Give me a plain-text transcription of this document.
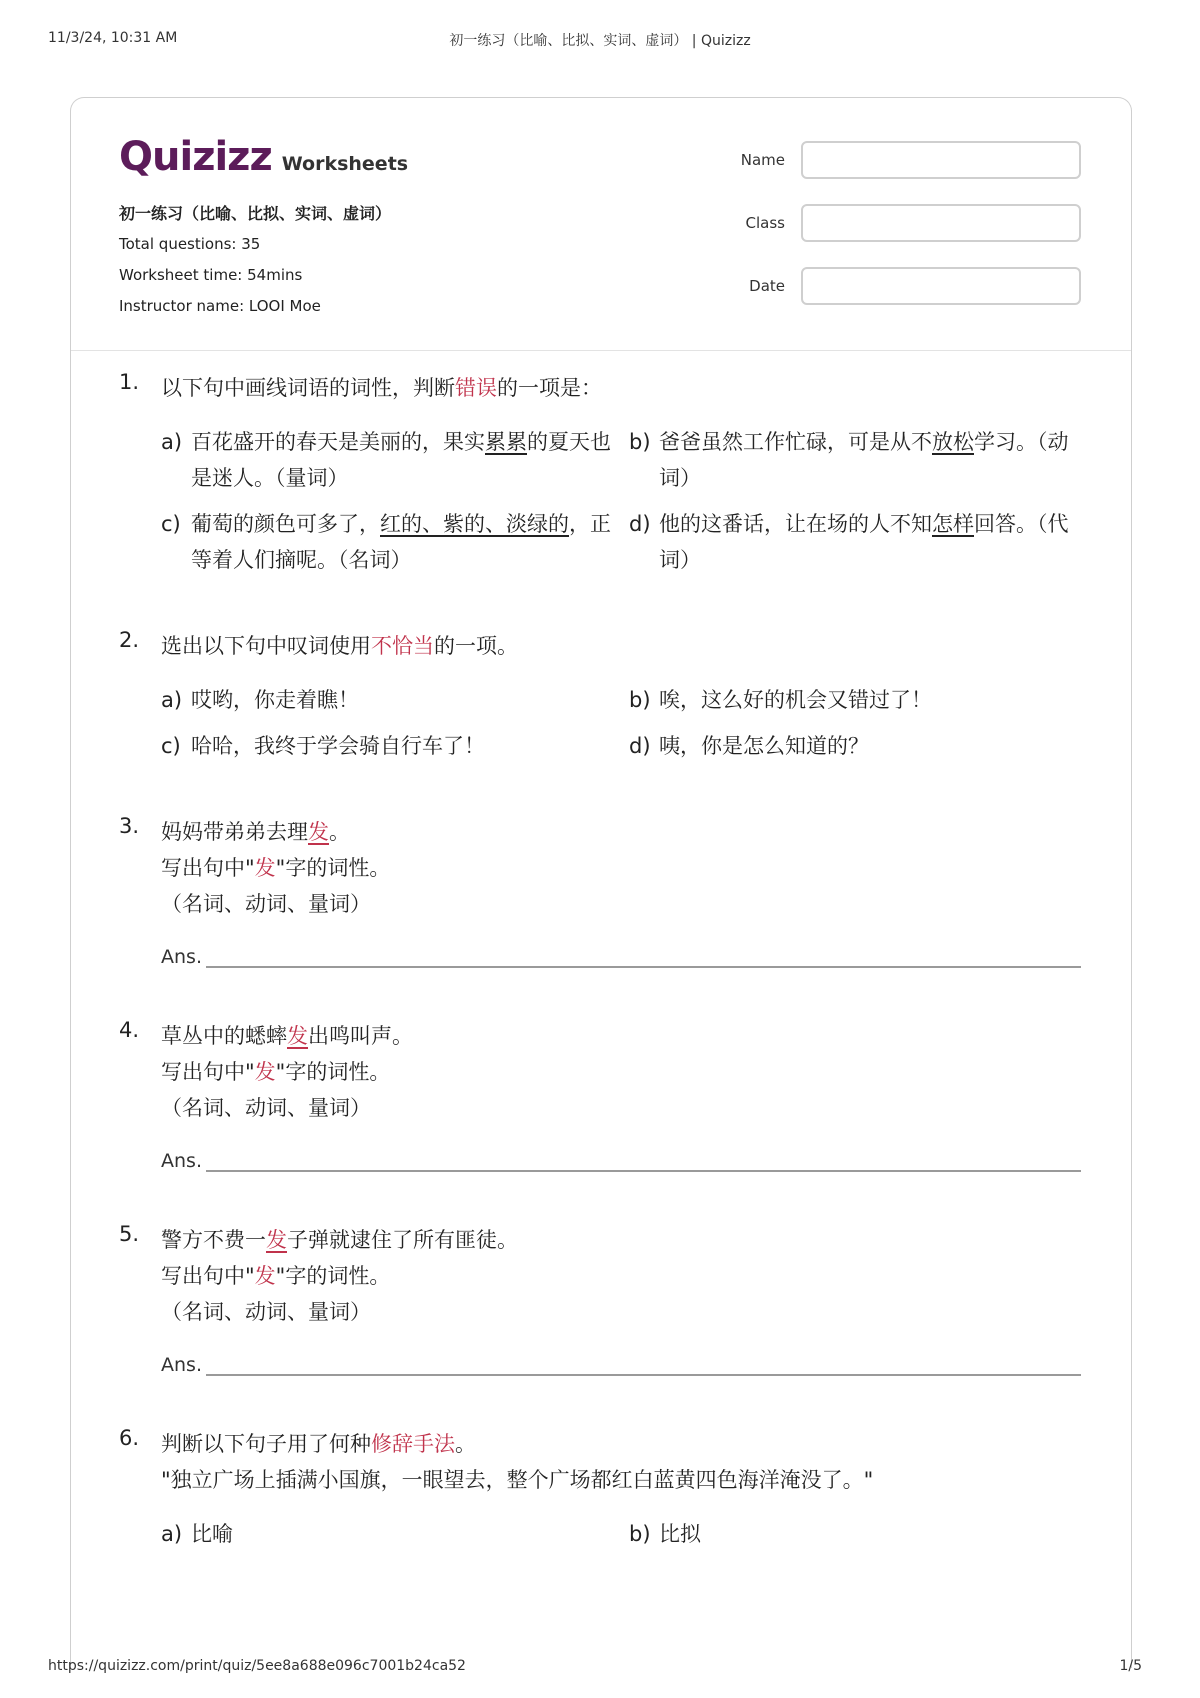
11/3/24, 10:31 AM	初一练习（比喻、比拟、实词、虚词） | Quizizz
Quizizz Worksheets
初一练习（比喻、比拟、实词、虚词）
Total questions: 35
Worksheet time: 54mins
Instructor name: LOOI Moe
Name
Class
Date
1.	以下句中画线词语的词性，判断错误的一项是：
a) 百花盛开的春天是美丽的，果实累累的夏天也是迷人。（量词）
b) 爸爸虽然工作忙碌，可是从不放松学习。（动词）
c) 葡萄的颜色可多了，红的、紫的、淡绿的，正等着人们摘呢。（名词）
d) 他的这番话，让在场的人不知怎样回答。（代词）
2.	选出以下句中叹词使用不恰当的一项。
a) 哎哟，你走着瞧！	b) 唉，这么好的机会又错过了！
c) 哈哈，我终于学会骑自行车了！	d) 咦，你是怎么知道的？
3.	妈妈带弟弟去理发。
写出句中"发"字的词性。
（名词、动词、量词）
Ans.
4.	草丛中的蟋蟀发出鸣叫声。
写出句中"发"字的词性。
（名词、动词、量词）
Ans.
5.	警方不费一发子弹就逮住了所有匪徒。
写出句中"发"字的词性。
（名词、动词、量词）
Ans.
6.	判断以下句子用了何种修辞手法。
"独立广场上插满小国旗，一眼望去，整个广场都红白蓝黄四色海洋淹没了。"
a) 比喻	b) 比拟
https://quizizz.com/print/quiz/5ee8a688e096c7001b24ca52	1/5
